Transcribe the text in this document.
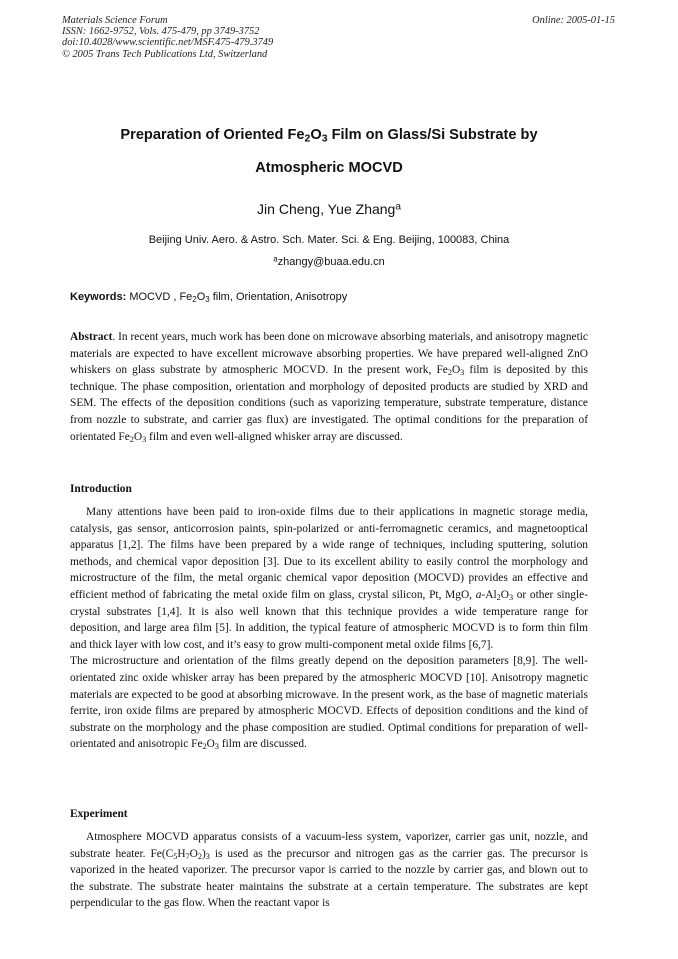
Materials Science Forum
ISSN: 1662-9752, Vols. 475-479, pp 3749-3752
doi:10.4028/www.scientific.net/MSF.475-479.3749
© 2005 Trans Tech Publications Ltd, Switzerland
Online: 2005-01-15
Preparation of Oriented $Fe_2O_3$ Film on Glass/Si Substrate by
Atmospheric MOCVD
Jin Cheng, Yue Zhang$^a$
Beijing Univ. Aero. & Astro. Sch. Mater. Sci. & Eng. Beijing, 100083, China
$^a$zhangy@buaa.edu.cn
Keywords: MOCVD , $Fe_2O_3$ film, Orientation, Anisotropy

Abstract. In recent years, much work has been done on microwave absorbing materials, and anisotropy magnetic materials are expected to have excellent microwave absorbing properties. We have prepared well-aligned ZnO whiskers on glass substrate by atmospheric MOCVD. In the present work, $Fe_2O_3$ film is deposited by this technique. The phase composition, orientation and morphology of deposited products are studied by XRD and SEM. The effects of the deposition conditions (such as vaporizing temperature, substrate temperature, distance from nozzle to substrate, and carrier gas flux) are investigated. The optimal conditions for the preparation of orientated $Fe_2O_3$ film and even well-aligned whisker array are discussed.

Introduction

Many attentions have been paid to iron-oxide films due to their applications in magnetic storage media, catalysis, gas sensor, anticorrosion paints, spin-polarized or anti-ferromagnetic ceramics, and magnetooptical apparatus [1,2]. The films have been prepared by a wide range of techniques, including sputtering, solution methods, and chemical vapor deposition [3]. Due to its excellent ability to easily control the morphology and microstructure of the film, the metal organic chemical vapor deposition (MOCVD) provides an effective and efficient method of fabricating the metal oxide film on glass, crystal silicon, Pt, MgO, $a-Al_2O_3$ or other single-crystal substrates [1,4]. It is also well known that this technique provides a wide temperature range for deposition, and large area film [5]. In addition, the typical feature of atmospheric MOCVD is to form thin film and thick layer with low cost, and it’s easy to grow multi-component metal oxide films [6,7].

The microstructure and orientation of the films greatly depend on the deposition parameters [8,9]. The well-orientated zinc oxide whisker array has been prepared by the atmospheric MOCVD [10]. Anisotropy magnetic materials are expected to be good at absorbing microwave. In the present work, as the base of magnetic materials ferrite, iron oxide films are prepared by atmospheric MOCVD. Effects of deposition conditions and the kind of substrate on the morphology and the phase composition are studied. Optimal conditions for preparation of well-orientated and anisotropic $Fe_2O_3$ film are discussed.

Experiment

Atmosphere MOCVD apparatus consists of a vacuum-less system, vaporizer, carrier gas unit, nozzle, and substrate heater. $Fe(C_5H_7O_2)_3$ is used as the precursor and nitrogen gas as the carrier gas. The precursor is vaporized in the heated vaporizer. The precursor vapor is carried to the nozzle by carrier gas, and blown out to the substrate. The substrate heater maintains the substrate at a certain temperature. The substrates are kept perpendicular to the gas flow. When the reactant vapor is
